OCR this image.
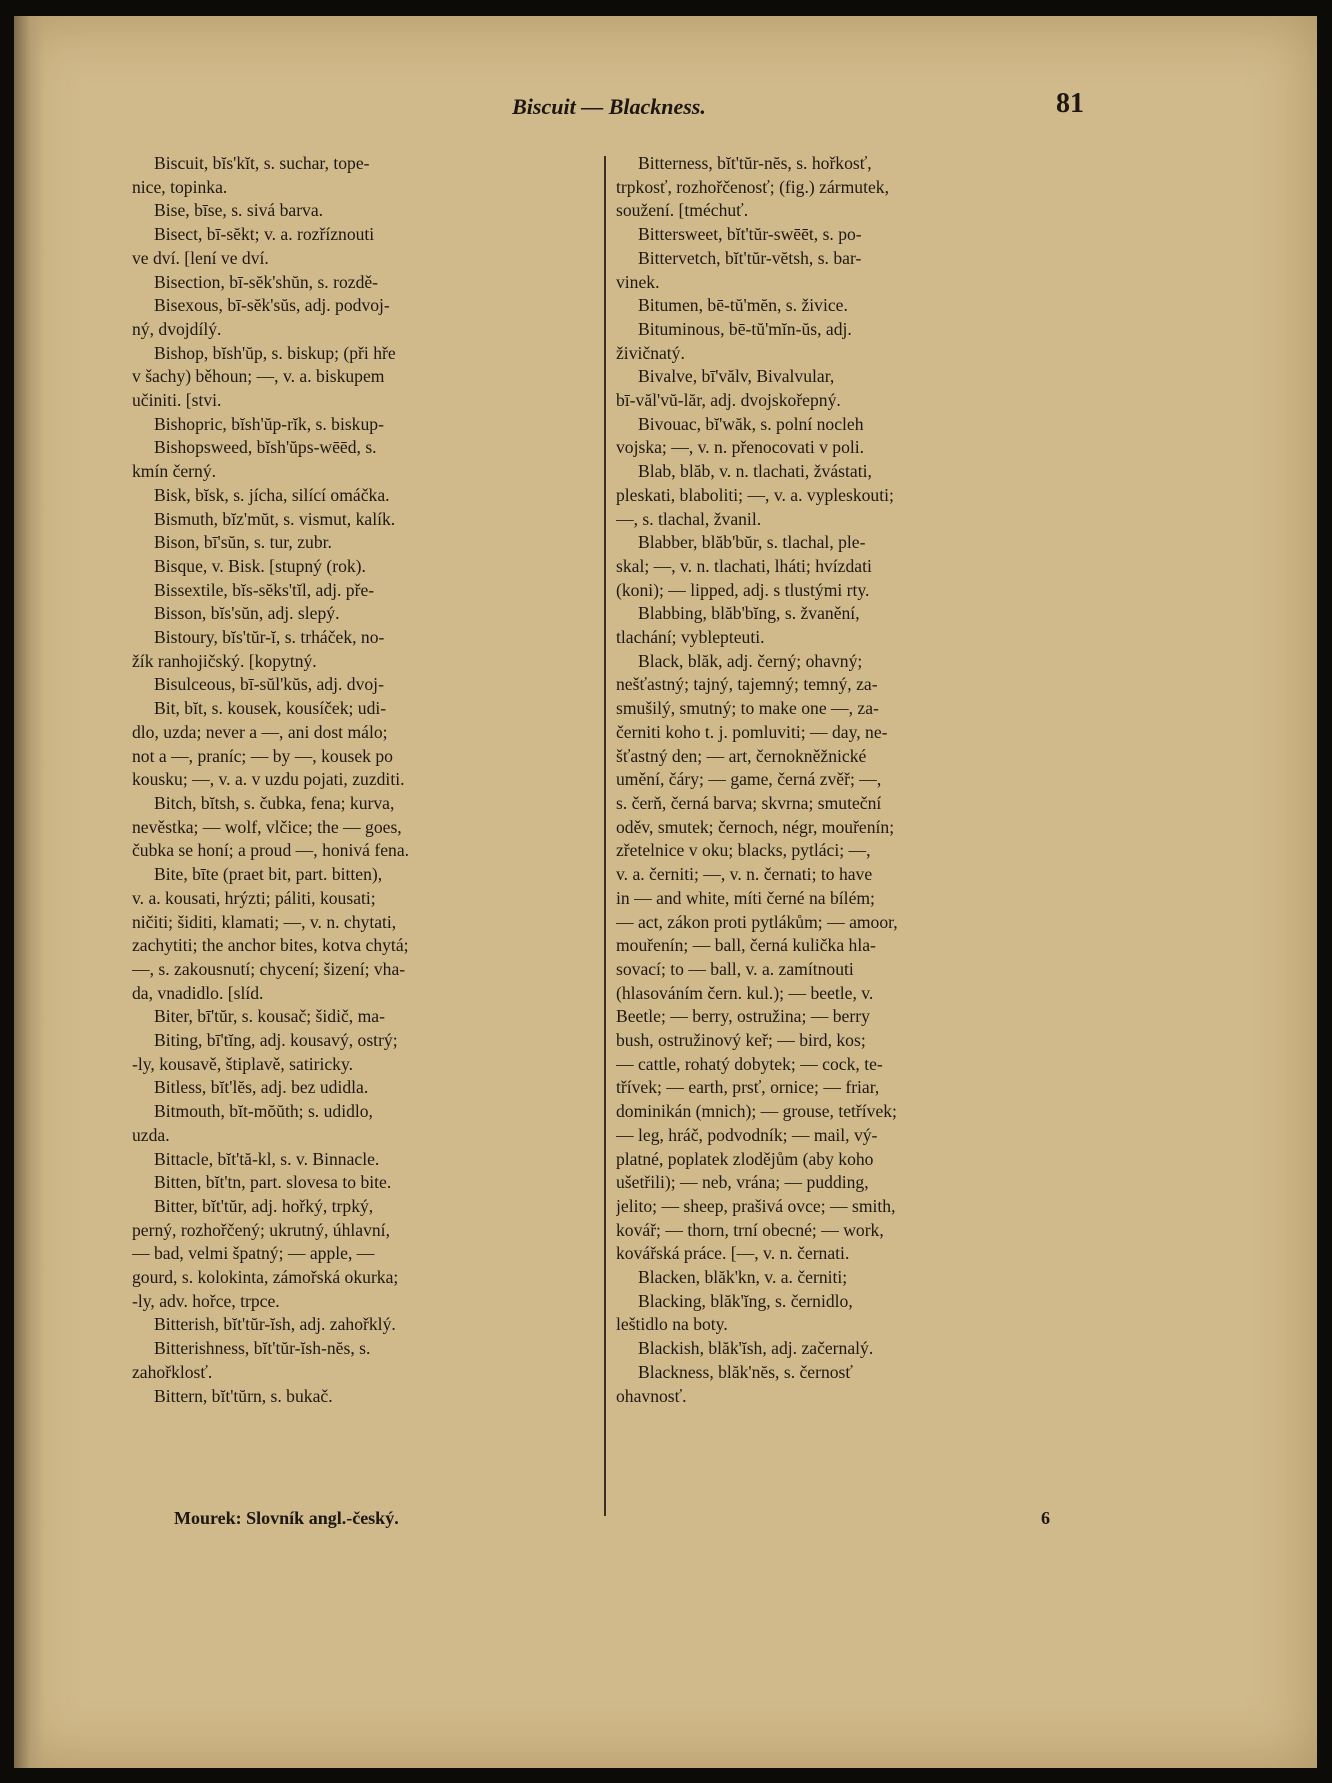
Biscuit — Blackness.	81
Biscuit, bĭs'kĭt, s. suchar, tope-
nice, topinka.
Bise, bīse, s. sivá barva.
Bisect, bī-sĕkt; v. a. rozříznouti
ve dví. [lení ve dví.
Bisection, bī-sĕk'shŭn, s. rozdě-
Bisexous, bī-sĕk'sŭs, adj. podvoj-
ný, dvojdílý.
Bishop, bĭsh'ŭp, s. biskup; (při hře
v šachy) běhoun; —, v. a. biskupem
učiniti. [stvi.
Bishopric, bĭsh'ŭp-rĭk, s. biskup-
Bishopsweed, bĭsh'ŭps-wēēd, s.
kmín černý.
Bisk, bĭsk, s. jícha, silící omáčka.
Bismuth, bĭz'mŭt, s. vismut, kalík.
Bison, bī'sŭn, s. tur, zubr.
Bisque, v. Bisk. [stupný (rok).
Bissextile, bĭs-sĕks'tĭl, adj. pře-
Bisson, bĭs'sŭn, adj. slepý.
Bistoury, bĭs'tŭr-ĭ, s. trháček, no-
žík ranhojičský. [kopytný.
Bisulceous, bī-sŭl'kŭs, adj. dvoj-
Bit, bĭt, s. kousek, kousíček; udi-
dlo, uzda; never a —, ani dost málo;
not a —, praníc; — by —, kousek po
kousku; —, v. a. v uzdu pojati, zuzditi.
Bitch, bĭtsh, s. čubka, fena; kurva,
nevěstka; — wolf, vlčice; the — goes,
čubka se honí; a proud —, honivá fena.
Bite, bīte (praet bit, part. bitten),
v. a. kousati, hrýzti; páliti, kousati;
ničiti; šiditi, klamati; —, v. n. chytati,
zachytiti; the anchor bites, kotva chytá;
—, s. zakousnutí; chycení; šizení; vha-
da, vnadidlo. [slíd.
Biter, bī'tŭr, s. kousač; šidič, ma-
Biting, bī'tĭng, adj. kousavý, ostrý;
-ly, kousavě, štiplavě, satiricky.
Bitless, bĭt'lĕs, adj. bez udidla.
Bitmouth, bĭt-mŏŭth; s. udidlo,
uzda.
Bittacle, bĭt'tă-kl, s. v. Binnacle.
Bitten, bĭt'tn, part. slovesa to bite.
Bitter, bĭt'tŭr, adj. hořký, trpký,
perný, rozhořčený; ukrutný, úhlavní,
— bad, velmi špatný; — apple, —
gourd, s. kolokinta, zámořská okurka;
-ly, adv. hořce, trpce.
Bitterish, bĭt'tŭr-ĭsh, adj. zahořklý.
Bitterishness, bĭt'tŭr-ĭsh-nĕs, s.
zahořklosť.
Bittern, bĭt'tŭrn, s. bukač.
Bitterness, bĭt'tŭr-nĕs, s. hořkosť,
trpkosť, rozhořčenosť; (fig.) zármutek,
soužení. [tméchuť.
Bittersweet, bĭt'tŭr-swēēt, s. po-
Bittervetch, bĭt'tŭr-vĕtsh, s. bar-
vinek.
Bitumen, bē-tŭ'mĕn, s. živice.
Bituminous, bē-tŭ'mĭn-ŭs, adj.
živičnatý.
Bivalve, bī'vălv, Bivalvular,
bī-văl'vŭ-lăr, adj. dvojskořepný.
Bivouac, bĭ'wăk, s. polní nocleh
vojska; —, v. n. přenocovati v poli.
Blab, blăb, v. n. tlachati, žvástati,
pleskati, blaboliti; —, v. a. vypleskouti;
—, s. tlachal, žvanil.
Blabber, blăb'bŭr, s. tlachal, ple-
skal; —, v. n. tlachati, lháti; hvízdati
(koni); — lipped, adj. s tlustými rty.
Blabbing, blăb'bĭng, s. žvanění,
tlachání; vyblepteuti.
Black, blăk, adj. černý; ohavný;
nešťastný; tajný, tajemný; temný, za-
smušilý, smutný; to make one —, za-
černiti koho t. j. pomluviti; — day, ne-
šťastný den; — art, černokněžnické
umění, čáry; — game, černá zvěř; —,
s. čerň, černá barva; skvrna; smuteční
oděv, smutek; černoch, négr, mouřenín;
zřetelnice v oku; blacks, pytláci; —,
v. a. černiti; —, v. n. černati; to have
in — and white, míti černé na bílém;
— act, zákon proti pytlákům; — amoor,
mouřenín; — ball, černá kulička hla-
sovací; to — ball, v. a. zamítnouti
(hlasováním čern. kul.); — beetle, v.
Beetle; — berry, ostružina; — berry
bush, ostružinový keř; — bird, kos;
— cattle, rohatý dobytek; — cock, te-
třívek; — earth, prsť, ornice; — friar,
dominikán (mnich); — grouse, tetřívek;
— leg, hráč, podvodník; — mail, vý-
platné, poplatek zlodějům (aby koho
ušetřili); — neb, vrána; — pudding,
jelito; — sheep, prašivá ovce; — smith,
kovář; — thorn, trní obecné; — work,
kovářská práce. [—, v. n. černati.
Blacken, blăk'kn, v. a. černiti;
Blacking, blăk'ĭng, s. černidlo,
leštidlo na boty.
Blackish, blăk'ĭsh, adj. začernalý.
Blackness, blăk'nĕs, s. černosť
ohavnosť.
Mourek: Slovník angl.-český.	6
